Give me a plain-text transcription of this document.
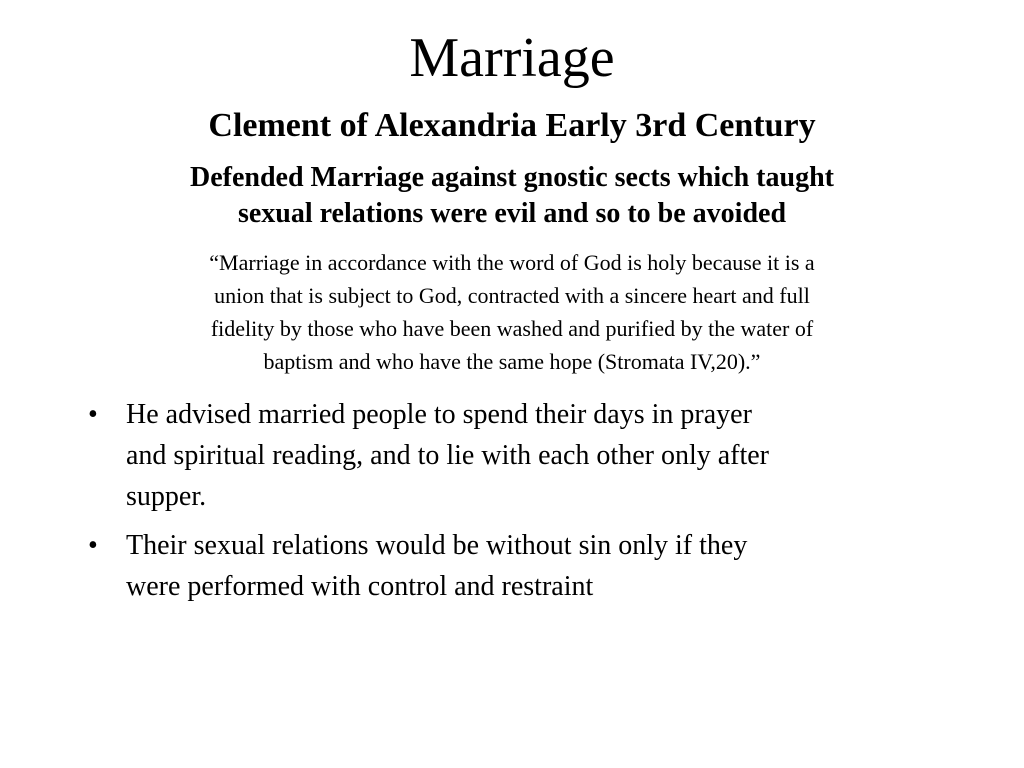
Marriage
Clement of Alexandria Early 3rd Century

Defended Marriage against gnostic sects which taught
sexual relations were evil and so to be avoided

“Marriage in accordance with the word of God is holy because it is a
union that is subject to God, contracted with a sincere heart and full
fidelity by those who have been washed and purified by the water of
baptism and who have the same hope (Stromata IV,20).”

• He advised married people to spend their days in prayer
and spiritual reading, and to lie with each other only after
supper.
• Their sexual relations would be without sin only if they
were performed with control and restraint
